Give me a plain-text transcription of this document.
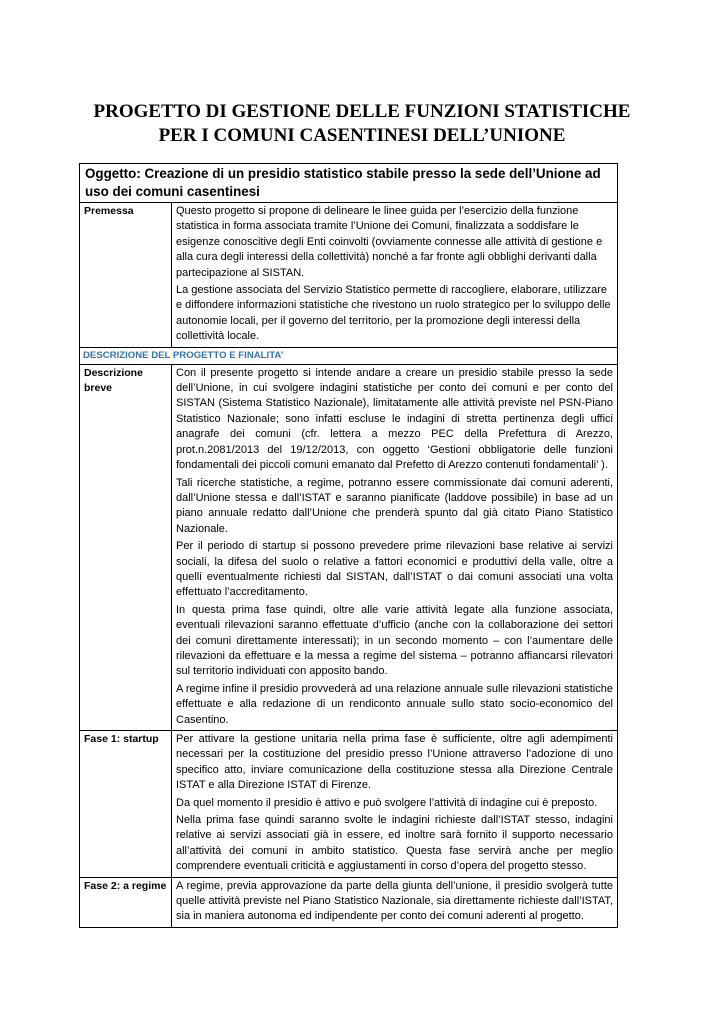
PROGETTO DI GESTIONE DELLE FUNZIONI STATISTICHE
PER I COMUNI CASENTINESI DELL’UNIONE
Oggetto: Creazione di un presidio statistico stabile presso la sede dell’Unione ad uso dei comuni casentinesi	
Premessa	Questo progetto si propone di delineare le linee guida per l’esercizio della funzione statistica in forma associata tramite l’Unione dei Comuni, finalizzata a soddisfare le esigenze conoscitive degli Enti coinvolti (ovviamente connesse alle attività di gestione e alla cura degli interessi della collettività) nonché a far fronte agli obblighi derivanti dalla partecipazione al SISTAN.

La gestione associata del Servizio Statistico permette di raccogliere, elaborare, utilizzare e diffondere informazioni statistiche che rivestono un ruolo strategico per lo sviluppo delle autonomie locali, per il governo del territorio, per la promozione degli interessi della collettività locale.

DESCRIZIONE DEL PROGETTO E FINALITA’	
Descrizione breve	Con il presente progetto si intende andare a creare un presidio stabile presso la sede dell’Unione, in cui svolgere indagini statistiche per conto dei comuni e per conto del SISTAN (Sistema Statistico Nazionale), limitatamente alle attività previste nel PSN-Piano Statistico Nazionale; sono infatti escluse le indagini di stretta pertinenza degli uffici anagrafe dei comuni (cfr. lettera a mezzo PEC della Prefettura di Arezzo, prot.n.2081/2013 del 19/12/2013, con oggetto ‘Gestioni obbligatorie delle funzioni fondamentali dei piccoli comuni emanato dal Prefetto di Arezzo contenuti fondamentali’ ).

Tali ricerche statistiche, a regime, potranno essere commissionate dai comuni aderenti, dall’Unione stessa e dall’ISTAT e saranno pianificate (laddove possibile) in base ad un piano annuale redatto dall’Unione che prenderà spunto dal già citato Piano Statistico Nazionale.

Per il periodo di startup si possono prevedere prime rilevazioni base relative ai servizi sociali, la difesa del suolo o relative a fattori economici e produttivi della valle, oltre a quelli eventualmente richiesti dal SISTAN, dall’ISTAT o dai comuni associati una volta effettuato l’accreditamento.

In questa prima fase quindi, oltre alle varie attività legate alla funzione associata, eventuali rilevazioni saranno effettuate d’ufficio (anche con la collaborazione dei settori dei comuni direttamente interessati); in un secondo momento – con l’aumentare delle rilevazioni da effettuare e la messa a regime del sistema – potranno affiancarsi rilevatori sul territorio individuati con apposito bando.

A regime infine il presidio provvederà ad una relazione annuale sulle rilevazioni statistiche effettuate e alla redazione di un rendiconto annuale sullo stato socio-economico del Casentino.

Fase 1: startup	Per attivare la gestione unitaria nella prima fase è sufficiente, oltre agli adempimenti necessari per la costituzione del presidio presso l’Unione attraverso l’adozione di uno specifico atto, inviare comunicazione della costituzione stessa alla Direzione Centrale ISTAT e alla Direzione ISTAT di Firenze.

Da quel momento il presidio è attivo e può svolgere l’attività di indagine cui è preposto.

Nella prima fase quindi saranno svolte le indagini richieste dall’ISTAT stesso, indagini relative ai servizi associati già in essere, ed inoltre sarà fornito il supporto necessario all’attività dei comuni in ambito statistico. Questa fase servirà anche per meglio comprendere eventuali criticità e aggiustamenti in corso d’opera del progetto stesso.

Fase 2: a regime	A regime, previa approvazione da parte della giunta dell’unione, il presidio svolgerà tutte quelle attività previste nel Piano Statistico Nazionale, sia direttamente richieste dall’ISTAT, sia in maniera autonoma ed indipendente per conto dei comuni aderenti al progetto.
